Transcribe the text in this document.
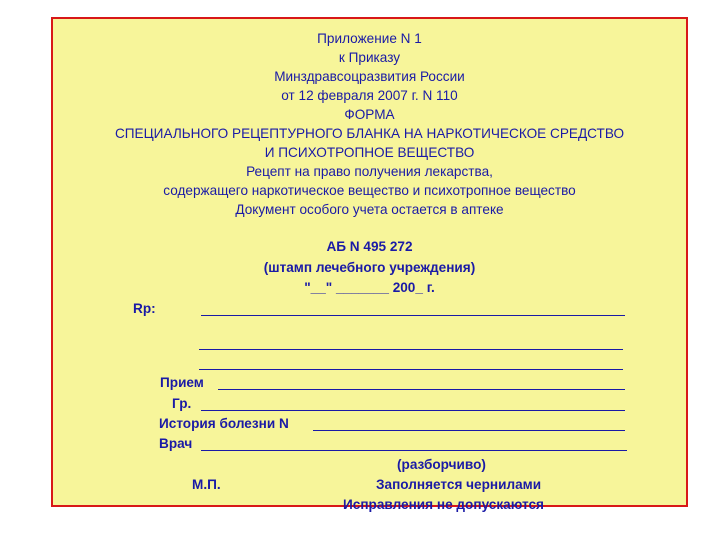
Приложение N 1
к Приказу
Минздравсоцразвития России
от 12 февраля 2007 г. N 110
ФОРМА
СПЕЦИАЛЬНОГО РЕЦЕПТУРНОГО БЛАНКА НА НАРКОТИЧЕСКОЕ СРЕДСТВО
И ПСИХОТРОПНОЕ ВЕЩЕСТВО
Рецепт на право получения лекарства,
содержащего наркотическое вещество и психотропное вещество
Документ особого учета остается в аптеке
АБ N 495 272
(штамп лечебного учреждения)
"__" _______ 200_ г.
Rp:
Прием
Гр.
История болезни N
Врач
(разборчиво)
М.П.	Заполняется чернилами
Исправления не допускаются
